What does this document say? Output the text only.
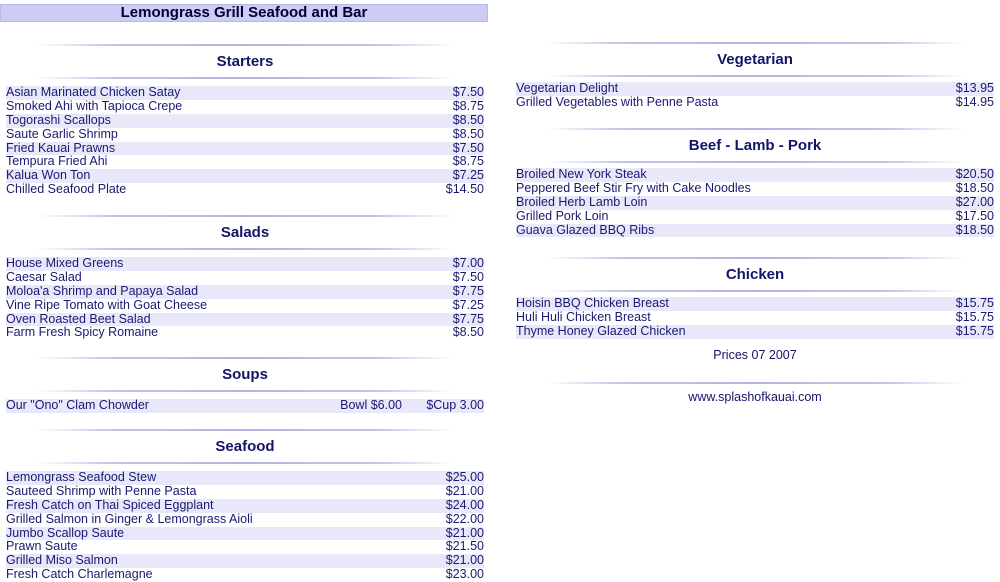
Lemongrass Grill Seafood and Bar
Starters
Asian Marinated Chicken Satay	$7.50
Smoked Ahi with Tapioca Crepe	$8.75
Togorashi Scallops	$8.50
Saute Garlic Shrimp	$8.50
Fried Kauai Prawns	$7.50
Tempura Fried Ahi	$8.75
Kalua Won Ton	$7.25
Chilled Seafood Plate	$14.50
Salads
House Mixed Greens	$7.00
Caesar Salad	$7.50
Moloa'a Shrimp and Papaya Salad	$7.75
Vine Ripe Tomato with Goat Cheese	$7.25
Oven Roasted Beet Salad	$7.75
Farm Fresh Spicy Romaine	$8.50
Soups
Our "Ono" Clam Chowder	Bowl $6.00	$Cup 3.00
Seafood
Lemongrass Seafood Stew	$25.00
Sauteed Shrimp with Penne Pasta	$21.00
Fresh Catch on Thai Spiced Eggplant	$24.00
Grilled Salmon in Ginger & Lemongrass Aioli	$22.00
Jumbo Scallop Saute	$21.00
Prawn Saute	$21.50
Grilled Miso Salmon	$21.00
Fresh Catch Charlemagne	$23.00
Vegetarian
Vegetarian Delight	$13.95
Grilled Vegetables with Penne Pasta	$14.95
Beef - Lamb - Pork
Broiled New York Steak	$20.50
Peppered Beef Stir Fry with Cake Noodles	$18.50
Broiled Herb Lamb Loin	$27.00
Grilled Pork Loin	$17.50
Guava Glazed BBQ Ribs	$18.50
Chicken
Hoisin BBQ Chicken Breast	$15.75
Huli Huli Chicken Breast	$15.75
Thyme Honey Glazed Chicken	$15.75
Prices 07 2007
www.splashofkauai.com
